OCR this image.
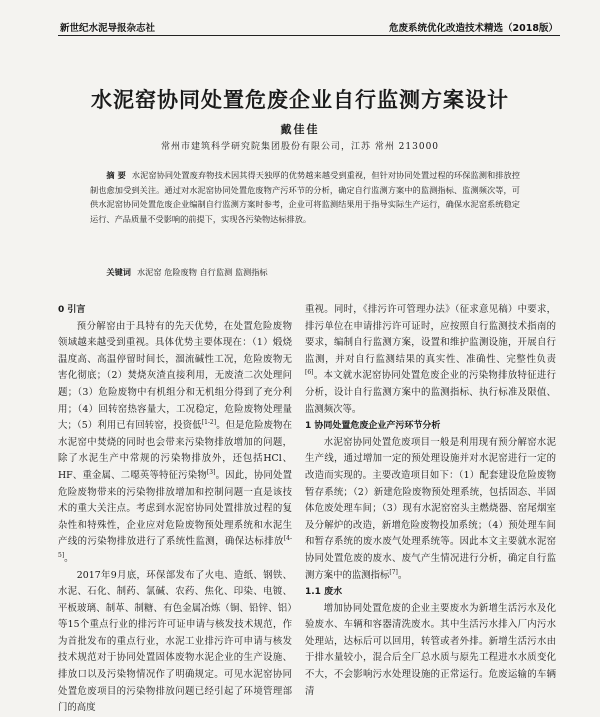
新世纪水泥导报杂志社	危废系统优化改造技术精选（2018版）
水泥窑协同处置危废企业自行监测方案设计
戴佳佳
常州市建筑科学研究院集团股份有限公司，江苏 常州 213000
摘 要 水泥窑协同处置废弃物技术因其得天独厚的优势越来越受到重视，但针对协同处置过程的环保监测和排放控制也愈加受到关注。通过对水泥窑协同处置危废物产污环节的分析，确定自行监测方案中的监测指标、监测频次等，可供水泥窑协同处置危废企业编制自行监测方案时参考，企业可将监测结果用于指导实际生产运行，确保水泥窑系统稳定运行、产品质量不受影响的前提下，实现各污染物达标排放。
关键词 水泥窑 危险废物 自行监测 监测指标

0 引言

预分解窑由于具特有的先天优势，在处置危险废物领域越来越受到重视。具体优势主要体现在：（1）煅烧温度高、高温停留时间长，溜流碱性工况，危险废物无害化彻底；（2）焚烧灰渣直接利用，无废渣二次处理问题；（3）危险废物中有机组分和无机组分得到了充分利用；（4）回转窑热容量大，工况稳定，危险废物处理量大；（5）利用已有回转窑，投资低[1-2]。但是危险废物在水泥窑中焚烧的同时也会带来污染物排放增加的问题，除了水泥生产中常规的污染物排放外，还包括HCl、HF、重金属、二噁英等特征污染物[3]。因此，协同处置危险废物带来的污染物排放增加和控制问题一直是该技术的重大关注点。考虑到水泥窑协同处置排放过程的复杂性和特殊性，企业应对危险废物预处理系统和水泥生产线的污染物排放进行了系统性监测，确保达标排放[4-5]。

2017年9月底，环保部发布了火电、造纸、钢铁、水泥、石化、制药、氯碱、农药、焦化、印染、电镀、平板玻璃、制革、制糖、有色金属冶炼（铜、铅锌、铝）等15个重点行业的排污许可证申请与核发技术规范，作为首批发布的重点行业，水泥工业排污许可申请与核发技术规范对于协同处置固体废物水泥企业的生产设施、排放口以及污染物情况作了明确规定。可见水泥窑协同处置危废项目的污染物排放问题已经引起了环境管理部门的高度

重视。同时，《排污许可管理办法》（征求意见稿）中要求，排污单位在申请排污许可证时，应按照自行监测技术指南的要求，编制自行监测方案，设置和维护监测设施，开展自行监测，并对自行监测结果的真实性、准确性、完整性负责[6]。本文就水泥窑协同处置危废企业的污染物排放特征进行分析，设计自行监测方案中的监测指标、执行标准及限值、监测频次等。

1 协同处置危废企业产污环节分析

水泥窑协同处置危废项目一般是利用现有预分解窑水泥生产线，通过增加一定的预处理设施并对水泥窑进行一定的改造而实现的。主要改造项目如下：（1）配套建设危险废物暂存系统；（2）新建危险废物预处理系统，包括固态、半固体危废处理车间；（3）现有水泥窑窑头主燃烧器、窑尾烟室及分解炉的改造，新增危险废物投加系统；（4）预处理车间和暂存系统的废水废气处理系统等。因此本文主要就水泥窑协同处置危废的废水、废气产生情况进行分析，确定自行监测方案中的监测指标[7]。

1.1 废水

增加协同处置危废的企业主要废水为新增生活污水及化验废水、车辆和容器清洗废水。其中生活污水排入厂内污水处理站，达标后可以回用，转管或者外排。新增生活污水由于排水量较小，混合后全厂总水质与原先工程进水水质变化不大，不会影响污水处理设施的正常运行。危废运输的车辆清
